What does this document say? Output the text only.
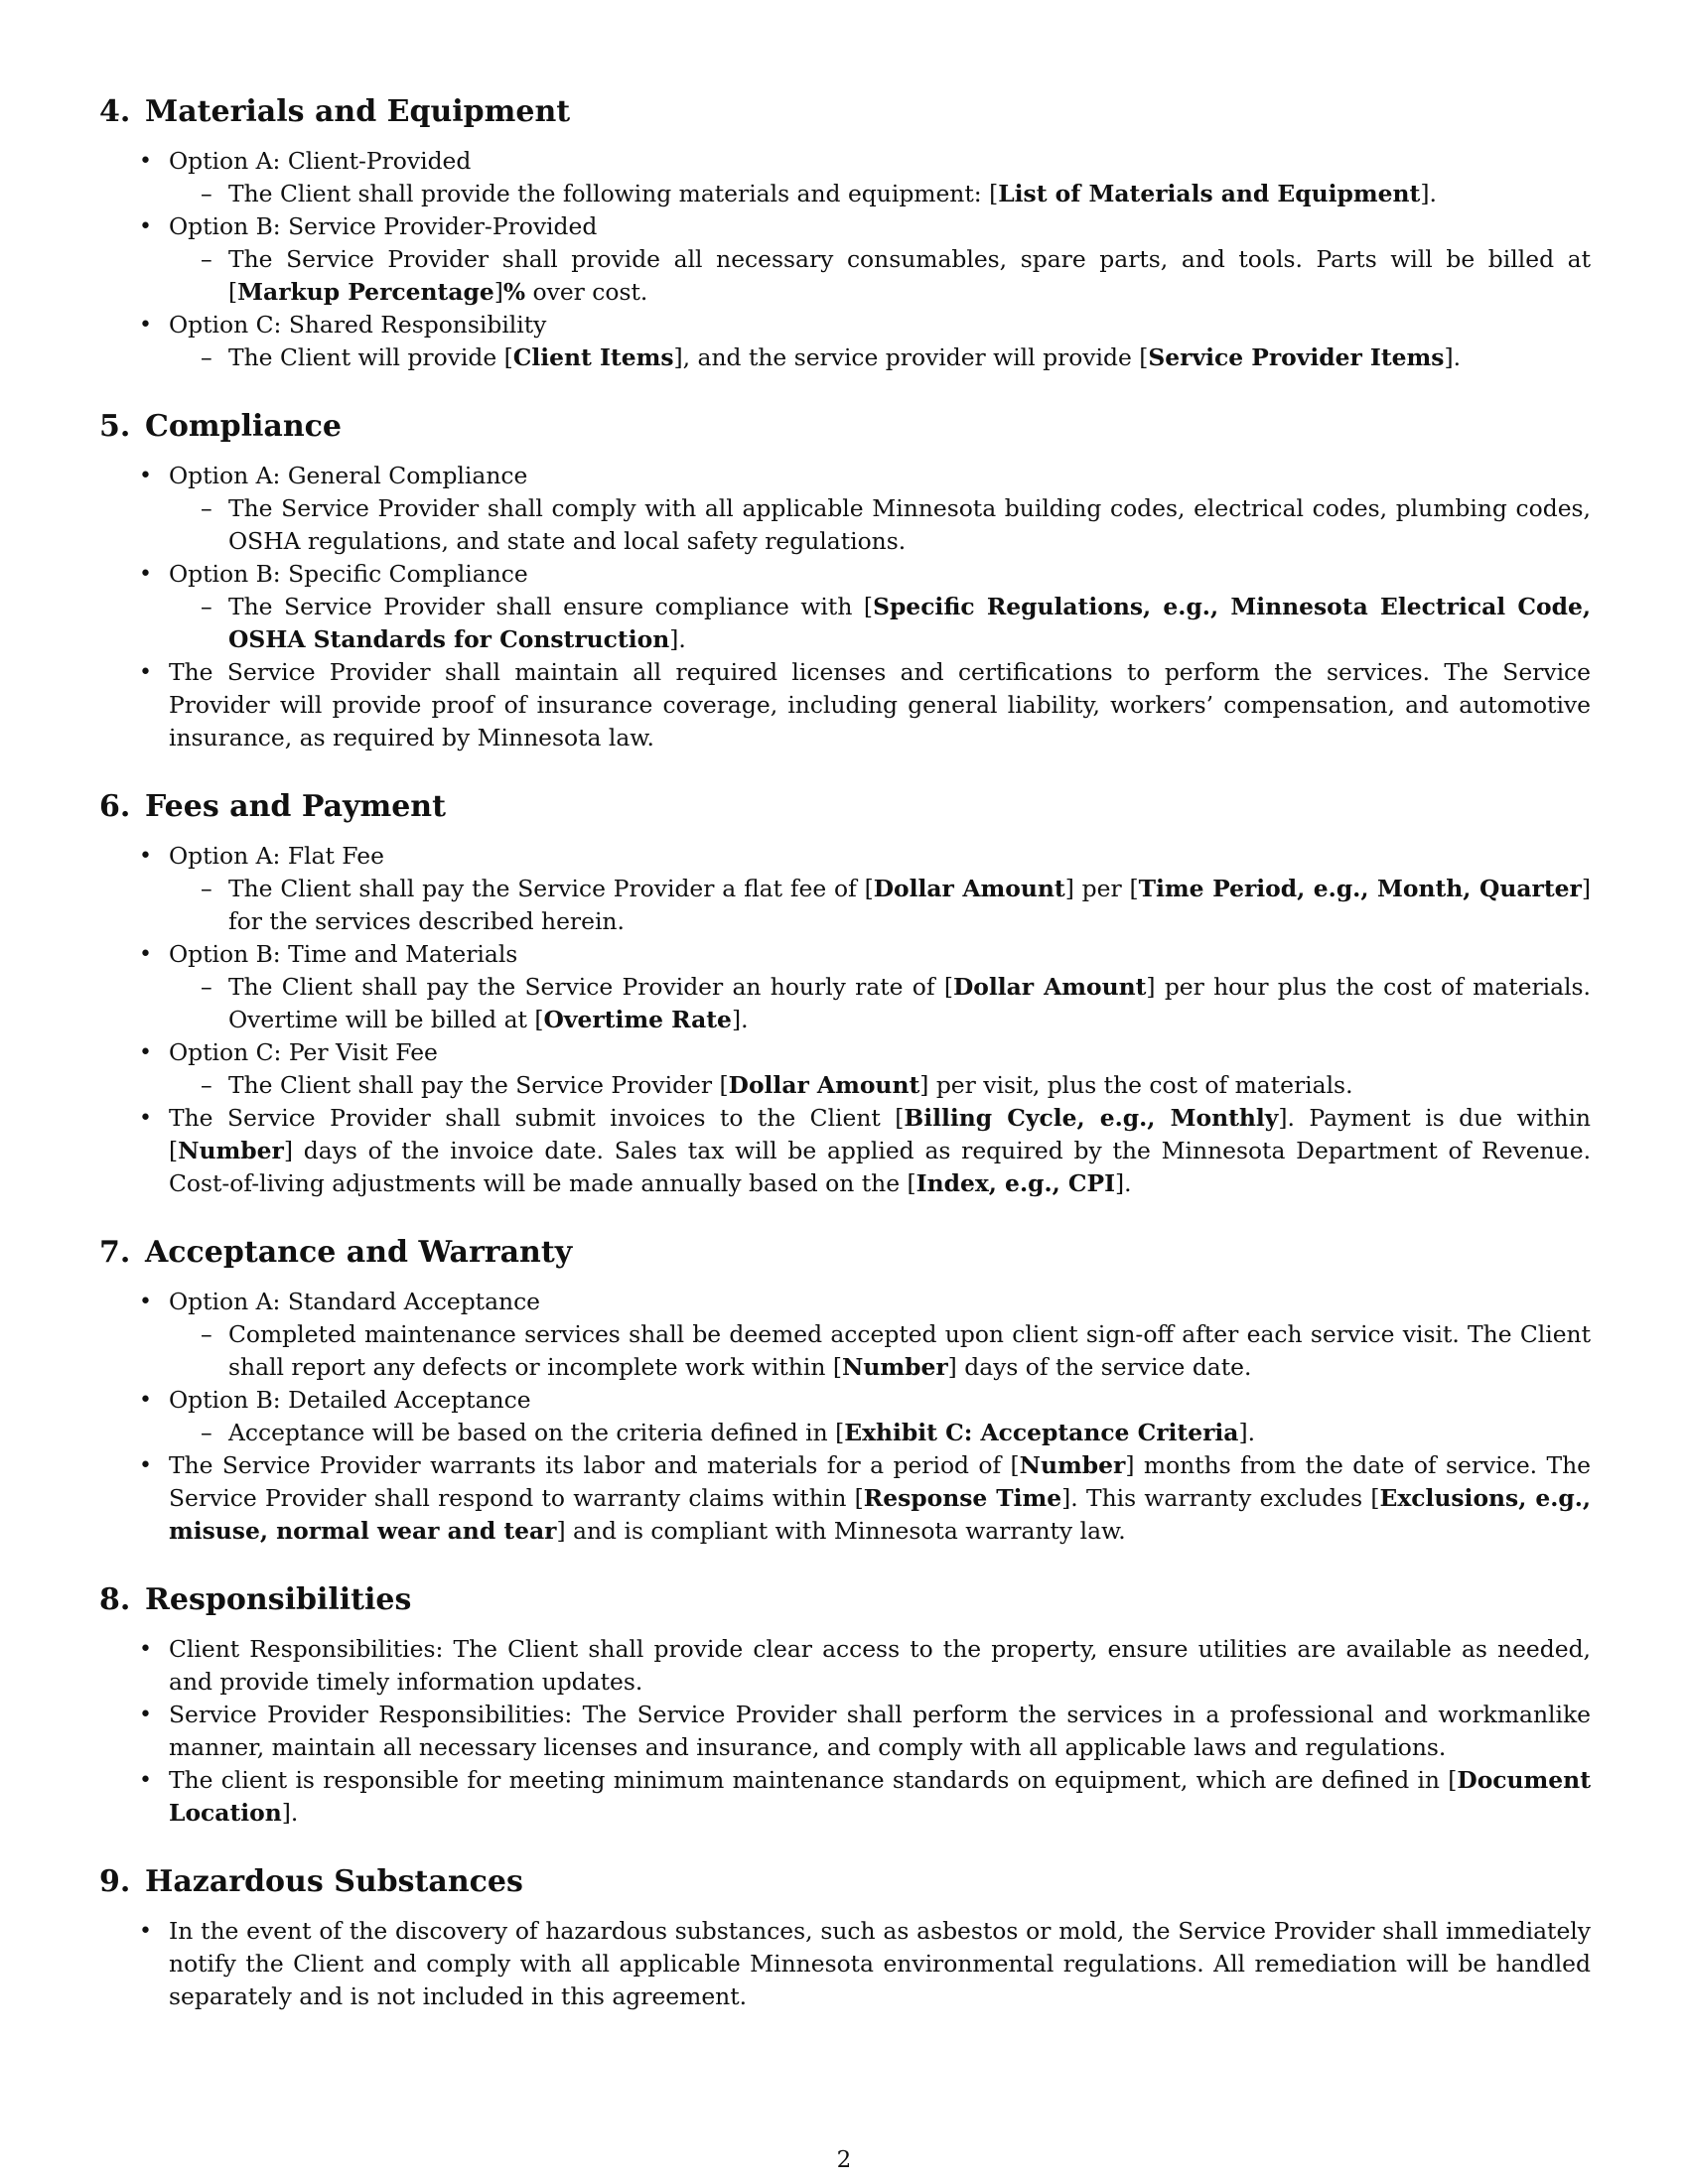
4. Materials and Equipment
• Option A: Client-Provided
– The Client shall provide the following materials and equipment: [List of Materials and Equipment].
• Option B: Service Provider-Provided
– The Service Provider shall provide all necessary consumables, spare parts, and tools. Parts will be billed at [Markup Percentage]% over cost.
• Option C: Shared Responsibility
– The Client will provide [Client Items], and the service provider will provide [Service Provider Items].
5. Compliance
• Option A: General Compliance
– The Service Provider shall comply with all applicable Minnesota building codes, electrical codes, plumbing codes, OSHA regulations, and state and local safety regulations.
• Option B: Specific Compliance
– The Service Provider shall ensure compliance with [Specific Regulations, e.g., Minnesota Electrical Code, OSHA Standards for Construction].
• The Service Provider shall maintain all required licenses and certifications to perform the services. The Service Provider will provide proof of insurance coverage, including general liability, workers’ compensation, and automotive insurance, as required by Minnesota law.
6. Fees and Payment
• Option A: Flat Fee
– The Client shall pay the Service Provider a flat fee of [Dollar Amount] per [Time Period, e.g., Month, Quarter] for the services described herein.
• Option B: Time and Materials
– The Client shall pay the Service Provider an hourly rate of [Dollar Amount] per hour plus the cost of materials. Overtime will be billed at [Overtime Rate].
• Option C: Per Visit Fee
– The Client shall pay the Service Provider [Dollar Amount] per visit, plus the cost of materials.
• The Service Provider shall submit invoices to the Client [Billing Cycle, e.g., Monthly]. Payment is due within [Number] days of the invoice date. Sales tax will be applied as required by the Minnesota Department of Revenue. Cost-of-living adjustments will be made annually based on the [Index, e.g., CPI].
7. Acceptance and Warranty
• Option A: Standard Acceptance
– Completed maintenance services shall be deemed accepted upon client sign-off after each service visit. The Client shall report any defects or incomplete work within [Number] days of the service date.
• Option B: Detailed Acceptance
– Acceptance will be based on the criteria defined in [Exhibit C: Acceptance Criteria].
• The Service Provider warrants its labor and materials for a period of [Number] months from the date of service. The Service Provider shall respond to warranty claims within [Response Time]. This warranty excludes [Exclusions, e.g., misuse, normal wear and tear] and is compliant with Minnesota warranty law.
8. Responsibilities
• Client Responsibilities: The Client shall provide clear access to the property, ensure utilities are available as needed, and provide timely information updates.
• Service Provider Responsibilities: The Service Provider shall perform the services in a professional and workmanlike manner, maintain all necessary licenses and insurance, and comply with all applicable laws and regulations.
• The client is responsible for meeting minimum maintenance standards on equipment, which are defined in [Document Location].
9. Hazardous Substances
• In the event of the discovery of hazardous substances, such as asbestos or mold, the Service Provider shall immediately notify the Client and comply with all applicable Minnesota environmental regulations. All remediation will be handled separately and is not included in this agreement.
2
